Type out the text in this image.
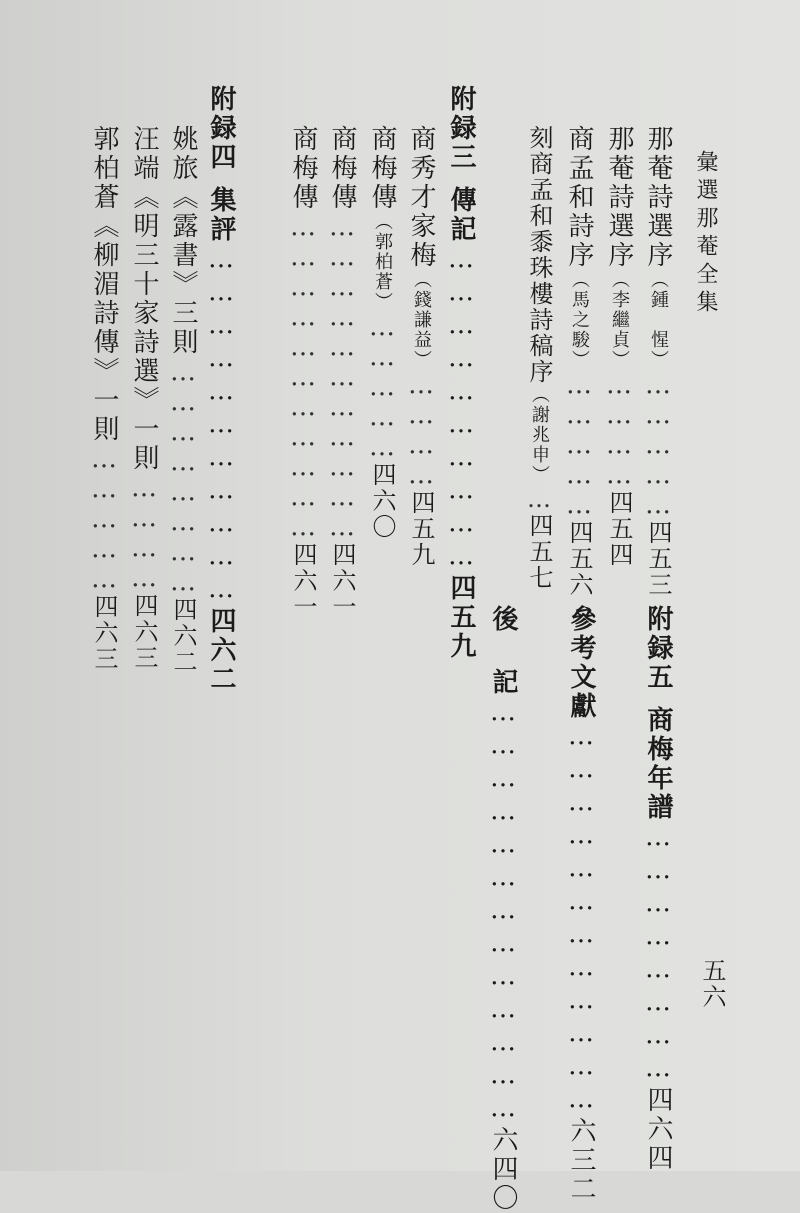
彙選那菴全集
那菴詩選序（鍾　惺）……………四五三
那菴詩選序（李繼貞）…………四五四
商孟和詩序（馬之駿）……………四五六
刻商孟和黍珠樓詩稿序（謝兆申）…四五七
附録三傳記…………………………四五九
商秀才家梅（錢謙益）…………四五九
商梅傳（郭柏蒼）……………四六〇
商梅傳……………………………四六一
商梅傳……………………………四六一
附録四集評……………………………四六二
姚旅《露書》三則……………………四六二
汪端《明三十家詩選》一則…………四六三
郭柏蒼《柳湄詩傳》一則……………四六三
五六
附録五商梅年譜……………………四六四
參考文獻………………………………六三二
後記…………………………………六四〇
